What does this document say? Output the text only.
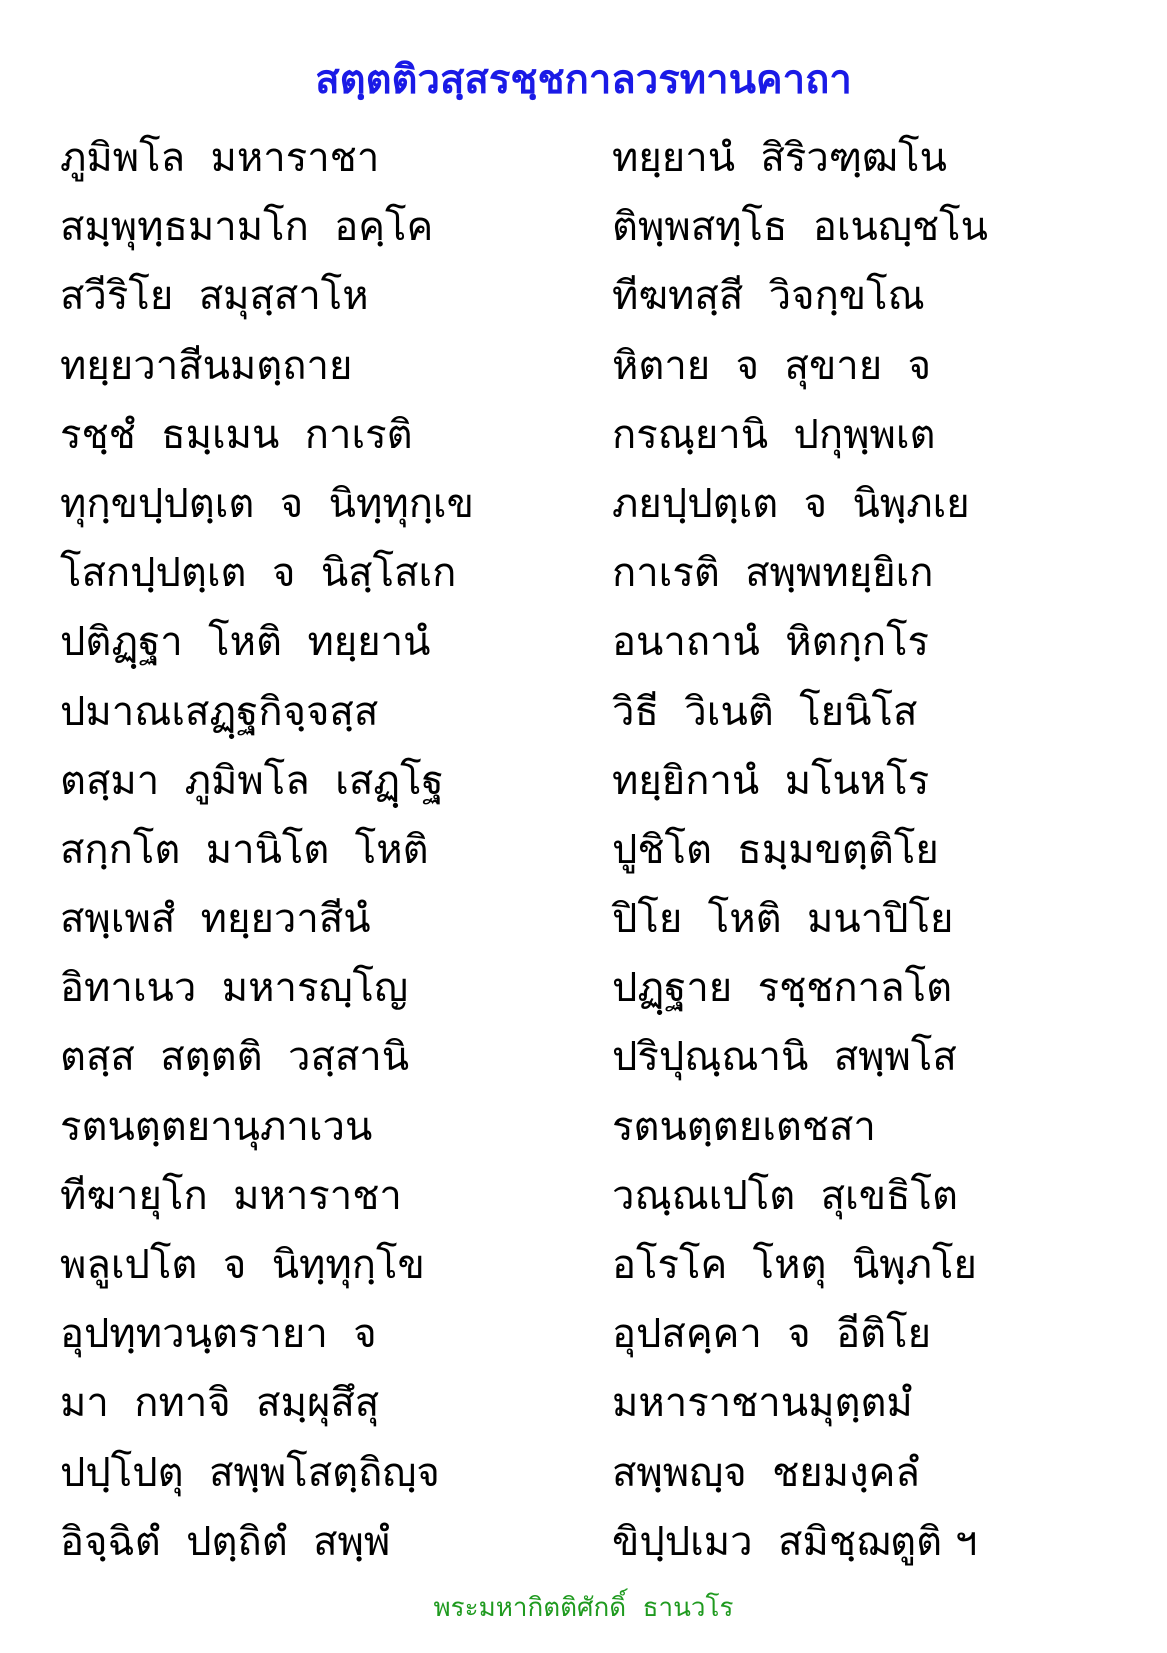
สตฺตติวสฺสรชฺชกาลวรทานคาถา
ภูมิพโล  มหาราชา	ทยฺยานํ  สิริวฑฺฒโน
สมฺพุทฺธมามโก  อคฺโค	ติพฺพสทฺโธ  อเนญฺชโน
สวีริโย  สมุสฺสาโห	ทีฆทสฺสี  วิจกฺขโณ
ทยฺยวาสีนมตฺถาย	หิตาย  จ  สุขาย  จ
รชฺชํ  ธมฺเมน  กาเรติ	กรณฺยานิ  ปกุพฺพเต
ทุกฺขปฺปตฺเต  จ  นิทฺทุกฺเข	ภยปฺปตฺเต  จ  นิพฺภเย
โสกปฺปตฺเต  จ  นิสฺโสเก	กาเรติ  สพฺพทยฺยิเก
ปติฏฺฐา  โหติ  ทยฺยานํ	อนาถานํ  หิตกฺกโร
ปมาณเสฏฺฐกิจฺจสฺส	วิธี  วิเนติ  โยนิโส
ตสฺมา  ภูมิพโล  เสฏฺโฐ	ทยฺยิกานํ  มโนหโร
สกฺกโต  มานิโต  โหติ	ปูชิโต  ธมฺมขตฺติโย
สพฺเพสํ  ทยฺยวาสีนํ	ปิโย  โหติ  มนาปิโย
อิทาเนว  มหารญฺโญ	ปฏฺฐาย  รชฺชกาลโต
ตสฺส  สตฺตติ  วสฺสานิ	ปริปุณฺณานิ  สพฺพโส
รตนตฺตยานุภาเวน	รตนตฺตยเตชสา
ทีฆายุโก  มหาราชา	วณฺณเปโต  สุเขธิโต
พลูเปโต  จ  นิทฺทุกฺโข	อโรโค  โหตุ  นิพฺภโย
อุปทฺทวนฺตรายา  จ	อุปสคฺคา  จ  อีติโย
มา  กทาจิ  สมฺผุสึสุ	มหาราชานมุตฺตมํ
ปปฺโปตุ  สพฺพโสตฺถิญฺจ	สพฺพญฺจ  ชยมงฺคลํ
อิจฺฉิตํ  ปตฺถิตํ  สพฺพํ	ขิปฺปเมว  สมิชฺฌตูติ ฯ
พระมหากิตติศักดิ์  ธานวโร
